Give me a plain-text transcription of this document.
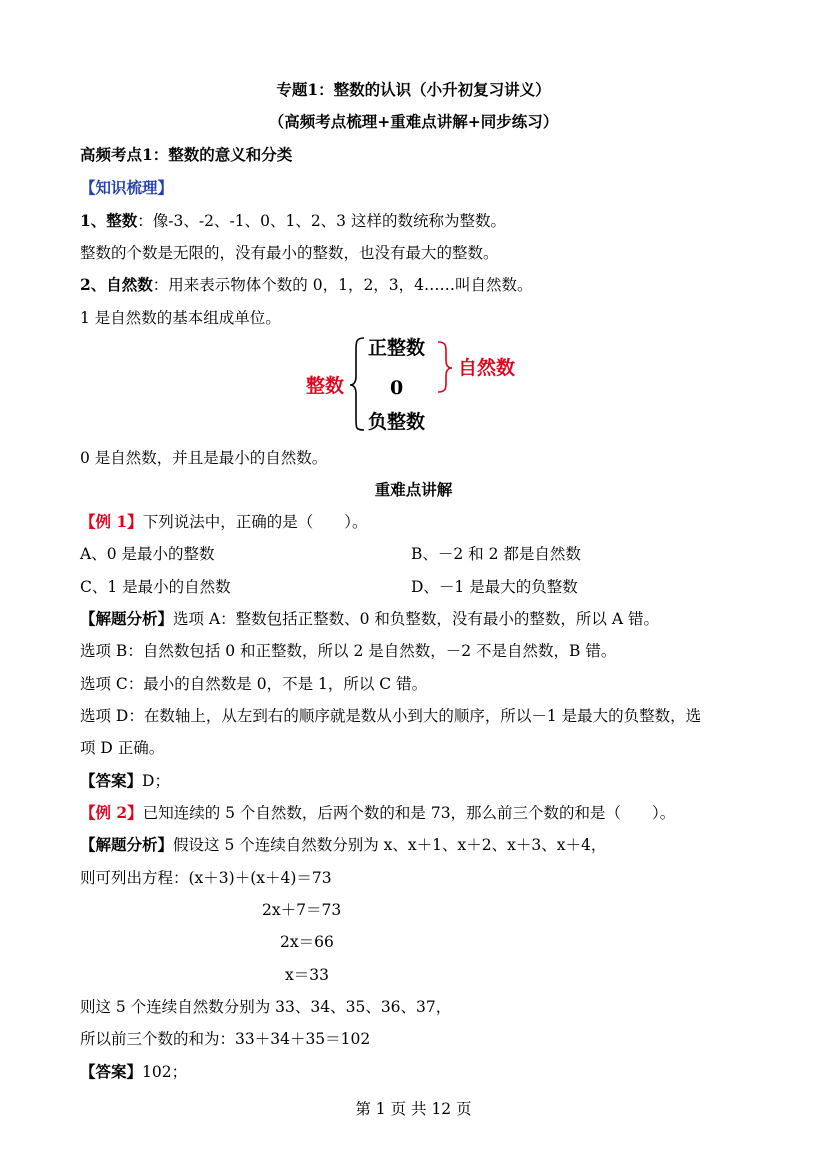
专题1：整数的认识（小升初复习讲义）
（高频考点梳理+重难点讲解+同步练习）
高频考点1：整数的意义和分类
【知识梳理】
1、整数：像-3、-2、-1、0、1、2、3 这样的数统称为整数。
整数的个数是无限的，没有最小的整数，也没有最大的整数。
2、自然数：用来表示物体个数的 0，1，2，3，4……叫自然数。
1 是自然数的基本组成单位。
整数
正整数
0
负整数
自然数
0 是自然数，并且是最小的自然数。
重难点讲解
【例 1】下列说法中，正确的是（　　）。
A、0 是最小的整数	B、－2 和 2 都是自然数
C、1 是最小的自然数	D、－1 是最大的负整数
【解题分析】选项 A：整数包括正整数、0 和负整数，没有最小的整数，所以 A 错。
选项 B：自然数包括 0 和正整数，所以 2 是自然数，－2 不是自然数，B 错。
选项 C：最小的自然数是 0，不是 1，所以 C 错。
选项 D：在数轴上，从左到右的顺序就是数从小到大的顺序，所以－1 是最大的负整数，选
项 D 正确。
【答案】D；
【例 2】已知连续的 5 个自然数，后两个数的和是 73，那么前三个数的和是（　　）。
【解题分析】假设这 5 个连续自然数分别为 x、x＋1、x＋2、x＋3、x＋4，
则可列出方程：(x＋3)＋(x＋4)＝73
2x＋7＝73
2x＝66
x＝33
则这 5 个连续自然数分别为 33、34、35、36、37，
所以前三个数的和为：33＋34＋35＝102
【答案】102；
第 1 页 共 12 页
